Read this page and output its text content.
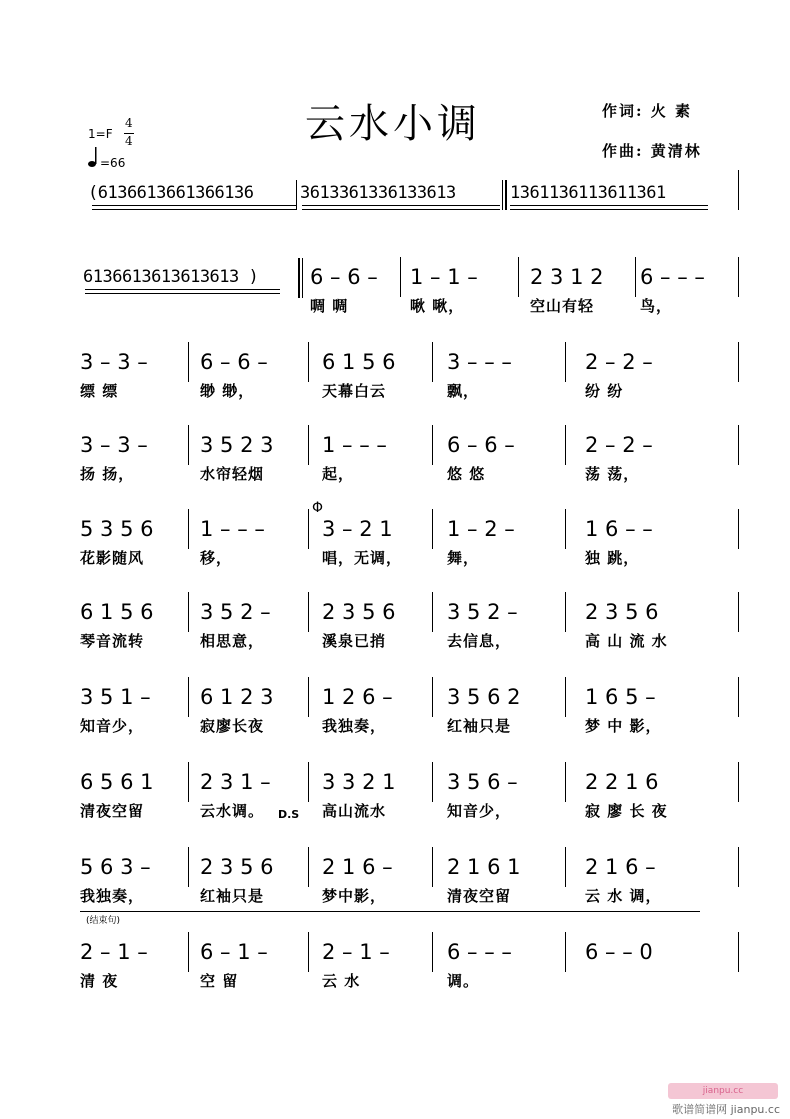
1=F
4
4
=66
云水小调	作词: 火 素
作曲: 黄清林
(6136613661366136	3613361336133613	1361136113611361
6136613613613613 ) 6 – 6 –
啁 啁
1 – 1 –
啾 啾，
2 3 1 2
空山有轻
6 – – –
鸟，
3 – 3 –
缥 缥
6 – 6 –
缈 缈，
6 1 5 6
天幕白云
3 – – –
飘，
2 – 2 –
纷 纷
3 – 3 –
扬 扬，
3 5 2 3
水帘轻烟
1 – – –
起，
6 – 6 –
悠 悠
2 – 2 –
荡 荡，
5 3 5 6
花影随风
1 – – –
移，
3 – 2 1
唱，无调，
1 – 2 –
舞，
1 6 – –
独 跳，
6 1 5 6
琴音流转
3 5 2 –
相思意，
2 3 5 6
溪泉已捎
3 5 2 –
去信息，
2 3 5 6
高 山 流 水
3 5 1 –
知音少，
6 1 2 3
寂廖长夜
1 2 6 –
我独奏，
3 5 6 2
红袖只是
1 6 5 –
梦 中 影，
6 5 6 1
清夜空留
2 3 1 –
云水调。
3 3 2 1
高山流水
3 5 6 –
知音少，
2 2 1 6
寂 廖 长 夜
5 6 3 –
我独奏，
2 3 5 6
红袖只是
2 1 6 –
梦中影，
2 1 6 1
清夜空留
2 1 6 –
云 水 调，
2 – 1 –
清 夜
6 – 1 –
空 留
2 – 1 –
云 水
6 – – –
调。
6 – – 0
Φ
D.S
(结束句)
jianpu.cc
歌谱简谱网 jianpu.cc
